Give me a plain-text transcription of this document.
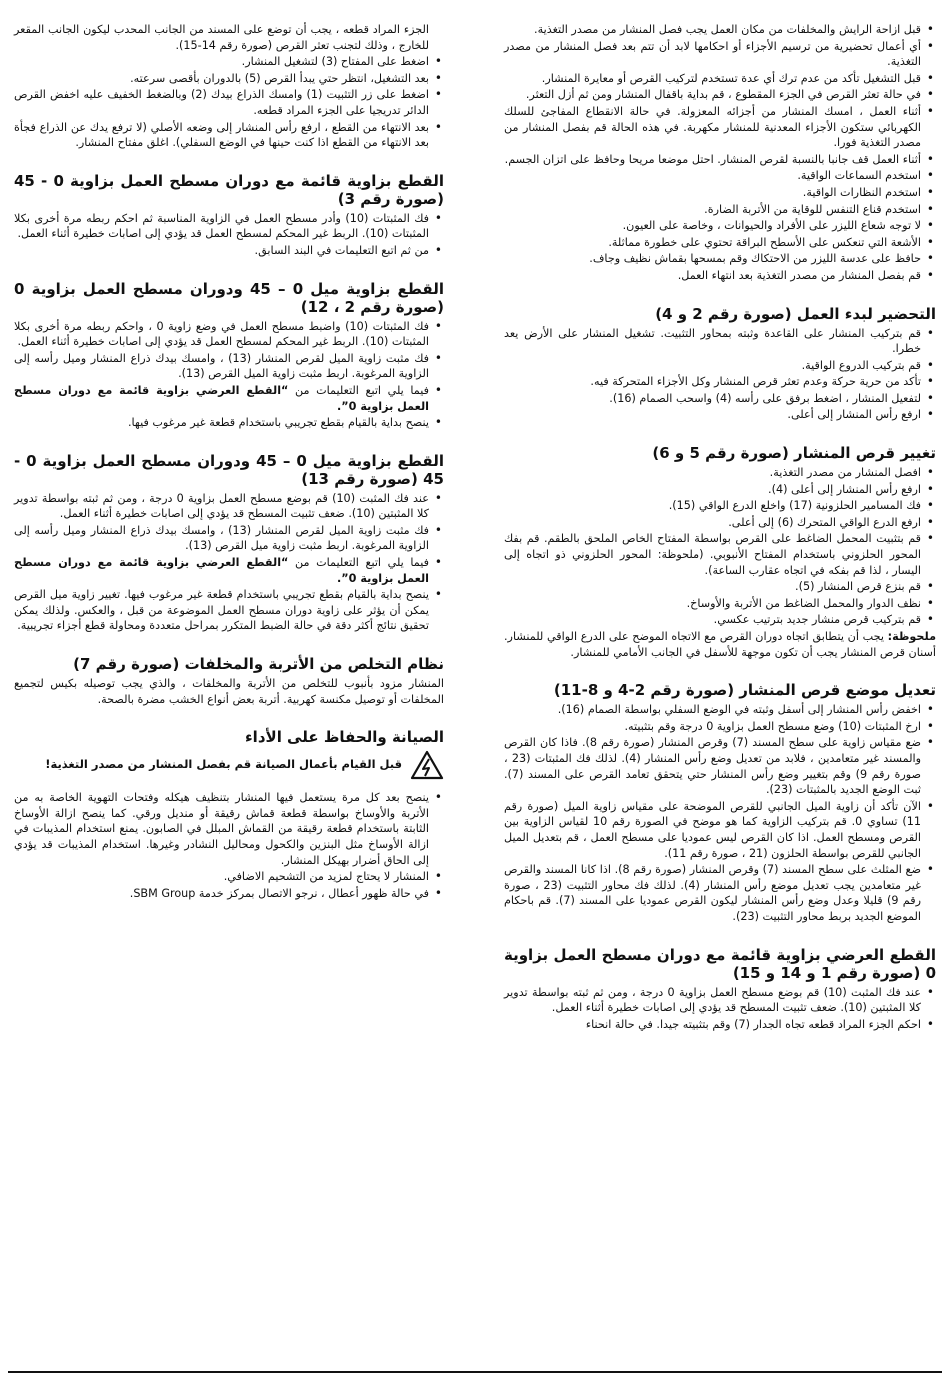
• قبل ازاحة الرايش والمخلفات من مكان العمل يجب فصل المنشار من مصدر التغذية.
• أي أعمال تحضيرية من ترسيم الأجزاء أو احكامها لابد أن تتم بعد فصل المنشار من مصدر التغذية.
• قبل التشغيل تأكد من عدم ترك أي عدة تستخدم لتركيب القرص أو معايرة المنشار.
• في حالة تعثر القرص في الجزء المقطوع ، قم بداية باقفال المنشار ومن ثم أزل التعثر.
• أثناء العمل ، امسك المنشار من أجزائه المعزولة. في حالة الانقطاع المفاجئ للسلك الكهربائي ستكون الأجزاء المعدنية للمنشار مكهربة. في هذه الحالة قم بفصل المنشار من مصدر التغذية فورا.
• أثناء العمل قف جانبا بالنسبة لقرص المنشار. احتل موضعا مريحا وحافظ على اتزان الجسم.
• استخدم السماعات الواقية.
• استخدم النظارات الواقية.
• استخدم قناع التنفس للوقاية من الأتربة الضارة.
• لا توجه شعاع الليزر على الأفراد والحيوانات ، وخاصة على العيون.
• الأشعة التي تنعكس على الأسطح البراقة تحتوي على خطورة مماثلة.
• حافظ على عدسة الليزر من الاحتكاك وقم بمسحها بقماش نظيف وجاف.
• قم بفصل المنشار من مصدر التغذية بعد انتهاء العمل.
التحضير لبدء العمل (صورة رقم 2 و 4)
• قم بتركيب المنشار على القاعدة وثبته بمحاور التثبيت. تشغيل المنشار على الأرض يعد خطرا.
• قم بتركيب الدروع الواقية.
• تأكد من حرية حركة وعدم تعثر قرص المنشار وكل الأجزاء المتحركة فيه.
• لتفعيل المنشار ، اضغط برفق على رأسه (4) واسحب الصمام (16).
• ارفع رأس المنشار إلى أعلى.
تغيير قرص المنشار (صورة رقم 5 و 6)
• افصل المنشار من مصدر التغذية.
• ارفع رأس المنشار إلى أعلى (4).
• فك المسامير الحلزونية (17) واخلع الدرع الواقي (15).
• ارفع الدرع الواقي المتحرك (6) إلى أعلى.
• قم بتثبيت المحمل الضاغط على القرص بواسطة المفتاح الخاص الملحق بالطقم. قم بفك المحور الحلزوني باستخدام المفتاح الأنبوبي. (ملحوظة: المحور الحلزوني ذو اتجاه إلى اليسار ، لذا قم بفكه في اتجاه عقارب الساعة).
• قم بنزع قرص المنشار (5).
• نظف الدوار والمحمل الضاغط من الأتربة والأوساخ.
• قم بتركيب قرص منشار جديد بترتيب عكسي.

ملحوظة: يجب أن يتطابق اتجاه دوران القرص مع الاتجاه الموضح على الدرع الواقي للمنشار. أسنان قرص المنشار يجب أن تكون موجهة للأسفل في الجانب الأمامي للمنشار.

تعديل موضع قرص المنشار (صورة رقم 2-4 و 8-11)
• اخفض رأس المنشار إلى أسفل وثبته في الوضع السفلي بواسطة الصمام (16).
• ارخ المثبتات (10) وضع مسطح العمل بزاوية 0 درجة وقم بتثبيته.
• ضع مقياس زاوية على سطح المسند (7) وقرص المنشار (صورة رقم 8). فاذا كان القرص والمسند غير متعامدين ، فلابد من تعديل وضع رأس المنشار (4). لذلك فك المثبتات (23 ، صورة رقم 9) وقم بتغيير وضع رأس المنشار حتي يتحقق تعامد القرص على المسند (7). ثبت الوضع الجديد بالمثبتات (23).
• الآن تأكد أن زاوية الميل الجانبي للقرص الموضحة على مقياس زاوية الميل (صورة رقم 11) تساوي 0. قم بتركيب الزاوية كما هو موضح في الصورة رقم 10 لقياس الزاوية بين القرص ومسطح العمل. اذا كان القرص ليس عموديا على مسطح العمل ، قم بتعديل الميل الجانبي للقرص بواسطة الحلزون (21 ، صورة رقم 11).
• ضع المثلث على سطح المسند (7) وقرص المنشار (صورة رقم 8). اذا كانا المسند والقرص غير متعامدين يجب تعديل موضع رأس المنشار (4). لذلك فك محاور التثبيت (23 ، صورة رقم 9) قليلا وعدل وضع رأس المنشار ليكون القرص عموديا على المسند (7). قم باحكام الموضع الجديد بربط محاور التثبيت (23).
القطع العرضي بزاوية قائمة مع دوران مسطح العمل بزاوية 0 (صورة رقم 1 و 14 و 15)
• عند فك المثبت (10) قم بوضع مسطح العمل بزاوية 0 درجة ، ومن ثم ثبته بواسطة تدوير كلا المثبتين (10). ضعف تثبيت المسطح قد يؤدي إلى اصابات خطيرة أثناء العمل.
• احكم الجزء المراد قطعه تجاه الجدار (7) وقم بتثبيته جيدا. في حالة انحناء
الجزء المراد قطعه ، يجب أن توضع على المسند من الجانب المحدب ليكون الجانب المقعر للخارج ، وذلك لتجنب تعثر القرص (صورة رقم 14-15).
• اضغط على المفتاح (3) لتشغيل المنشار.
• بعد التشغيل، انتظر حتي يبدأ القرص (5) بالدوران بأقصى سرعته.
• اضغط على زر التثبيت (1) وامسك الذراع بيدك (2) وبالضغط الخفيف عليه اخفض القرص الدائر تدريجيا على الجزء المراد قطعه.
• بعد الانتهاء من القطع ، ارفع رأس المنشار إلى وضعه الأصلي (لا ترفع يدك عن الذراع فجأة بعد الانتهاء من القطع اذا كنت حينها في الوضع السفلي). اغلق مفتاح المنشار.
القطع بزاوية قائمة مع دوران مسطح العمل بزاوية 0 - 45 (صورة رقم 3)
• فك المثبتات (10) وأدر مسطح العمل في الزاوية المناسبة ثم احكم ربطه مرة أخرى بكلا المثبتات (10). الربط غير المحكم لمسطح العمل قد يؤدي إلى اصابات خطيرة أثناء العمل.
• من ثم اتبع التعليمات في البند السابق.
القطع بزاوية ميل 0 – 45 ودوران مسطح العمل بزاوية 0 (صورة رقم 2 ، 12)
• فك المثبتات (10) واضبط مسطح العمل في وضع زاوية 0 ، واحكم ربطه مرة أخرى بكلا المثبتات (10). الربط غير المحكم لمسطح العمل قد يؤدي إلى اصابات خطيرة أثناء العمل.
• فك مثبت زاوية الميل لقرص المنشار (13) ، وامسك بيدك ذراع المنشار وميل رأسه إلى الزاوية المرغوبة. اربط مثبت زاوية الميل القرص (13).
• فيما يلي اتبع التعليمات من “القطع العرضي بزاوية قائمة مع دوران مسطح العمل بزاوية 0”.
• ينصح بداية بالقيام بقطع تجريبي باستخدام قطعة غير مرغوب فيها.
القطع بزاوية ميل 0 – 45 ودوران مسطح العمل بزاوية 0 - 45 (صورة رقم 13)
• عند فك المثبت (10) قم بوضع مسطح العمل بزاوية 0 درجة ، ومن ثم ثبته بواسطة تدوير كلا المثبتين (10). ضعف تثبيت المسطح قد يؤدي إلى اصابات خطيرة أثناء العمل.
• فك مثبت زاوية الميل لقرص المنشار (13) ، وامسك بيدك ذراع المنشار وميل رأسه إلى الزاوية المرغوبة. اربط مثبت زاوية ميل القرص (13).
• فيما يلي اتبع التعليمات من “القطع العرضي بزاوية قائمة مع دوران مسطح العمل بزاوية 0”.
• ينصح بداية بالقيام بقطع تجريبي باستخدام قطعة غير مرغوب فيها. تغيير زاوية ميل القرص يمكن أن يؤثر على زاوية دوران مسطح العمل الموضوعة من قبل ، والعكس. ولذلك يمكن تحقيق نتائج أكثر دقة في حالة الضبط المتكرر بمراحل متعددة ومحاولة قطع أجزاء تجريبية.
نظام التخلص من الأتربة والمخلفات (صورة رقم 7)

المنشار مزود بأنبوب للتخلص من الأتربة والمخلفات ، والذي يجب توصيله بكيس لتجميع المخلفات أو توصيل مكنسة كهربية. أتربة بعض أنواع الخشب مضرة بالصحة.

الصيانة والحفاظ على الأداء
قبل القيام بأعمال الصيانة قم بفصل المنشار من مصدر التغذية!
• ينصح بعد كل مرة يستعمل فيها المنشار بتنظيف هيكله وفتحات التهوية الخاصة به من الأتربة والأوساخ بواسطة قطعة قماش رقيقة أو منديل ورقي. كما ينصح ازالة الأوساخ الثابتة باستخدام قطعة رقيقة من القماش المبلل في الصابون. يمنع استخدام المذيبات في ازالة الأوساخ مثل البنزين والكحول ومحاليل النشادر وغيرها. استخدام المذيبات قد يؤدي إلى الحاق أضرار بهيكل المنشار.
• المنشار لا يحتاج لمزيد من التشحيم الاضافي.
• في حالة ظهور أعطال ، نرجو الاتصال بمركز خدمة SBM Group.
